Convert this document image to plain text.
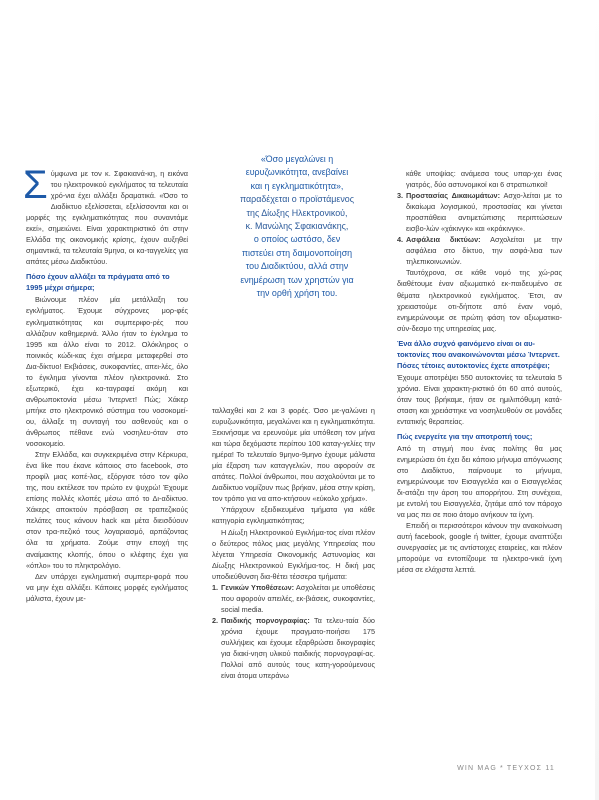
«Όσο μεγαλώνει η
ευρυζωνικότητα, ανεβαίνει
και η εγκληματικότητα»,
παραδέχεται ο προϊστάμενος
της Δίωξης Ηλεκτρονικού,
κ. Μανώλης Σφακιανάκης,
ο οποίος ωστόσο, δεν
πιστεύει στη δαιμονοποίηση
του Διαδικτύου, αλλά στην
ενημέρωση των χρηστών για
την ορθή χρήση του.
Σ ύμφωνα με τον κ. Σφακιανά-κη, η εικόνα του ηλεκτρονικού εγκλήματος τα τελευταία χρό-νια έχει αλλάξει δραματικά. «Όσο το Διαδίκτυο εξελίσσεται, εξελίσσονται και οι μορφές της εγκληματικότητας που συναντάμε εκεί», σημειώνει. Είναι χαρακτηριστικό ότι στην Ελλάδα της οικονομικής κρίσης, έχουν αυξηθεί σημαντικά, τα τελευταία 9μηνα, οι κα-ταγγελίες για απάτες μέσω Διαδικτύου.

Πόσο έχουν αλλάξει τα πράγματα από το 1995 μέχρι σήμερα;

Βιώνουμε πλέον μία μετάλλαξη του εγκλήματος. Έχουμε σύγχρονες μορ-φές εγκληματικότητας και συμπεριφο-ρές που αλλάζουν καθημερινά. Άλλο ήταν το έγκλημα το 1995 και άλλο είναι το 2012. Ολόκληρος ο ποινικός κώδι-κας έχει σήμερα μεταφερθεί στο Δια-δίκτυο! Εκβιάσεις, συκοφαντίες, απει-λές, όλο το έγκλημα γίνονται πλέον ηλεκτρονικά. Στο εξωτερικό, έχει κα-ταγραφεί ακόμη και ανθρωποκτονία μέσω Ίντερνετ! Πώς; Χάκερ μπήκε στο ηλεκτρονικό σύστημα του νοσοκομεί-ου, άλλαξε τη συνταγή του ασθενούς και ο άνθρωπος πέθανε ενώ νοσηλευ-όταν στο νοσοκομείο.

Στην Ελλάδα, και συγκεκριμένα στην Κέρκυρα, ένα like που έκανε κάποιος στο facebook, στο προφίλ μιας κοπέ-λας, εξόργισε τόσο τον φίλο της, που εκτέλεσε τον πρώτο εν ψυχρώ! Έχουμε επίσης πολλές κλοπές μέσω από το Δι-αδίκτυο. Χάκερς αποκτούν πρόσβαση σε τραπεζικούς πελάτες τους κάνουν hack και μέτα διεισδύουν στον τρα-πεζικό τους λογαριασμό, αρπάζοντας όλα τα χρήματα. Ζούμε στην εποχή της αναίμακτης κλοπής, όπου ο κλέφτης έχει για «όπλο» του το πληκτρολόγιο.

Δεν υπάρχει εγκληματική συμπερι-φορά που να μην έχει αλλάξει. Κάποιες μορφές εγκλήματος μάλιστα, έχουν με-

ταλλαχθεί και 2 και 3 φορές. Όσο με-γαλώνει η ευρυζωνικότητα, μεγαλώνει και η εγκληματικότητα. Ξεκινήσαμε να ερευνούμε μία υπόθεση τον μήνα και τώρα δεχόμαστε περίπου 100 καταγ-γελίες την ημέρα! Το τελευταίο 9μηνο-9μηνο έχουμε μάλιστα μία έξαρση των καταγγελιών, που αφορούν σε απάτες. Πολλοί άνθρωποι, που ασχολούνται με το Διαδίκτυο νομίζουν πως βρήκαν, μέσα στην κρίση, τον τρόπο για να απο-κτήσουν «εύκολο χρήμα».

Υπάρχουν εξειδικευμένα τμήματα για κάθε κατηγορία εγκληματικότητας;

Η Δίωξη Ηλεκτρονικού Εγκλήμα-τος είναι πλέον ο δεύτερος πόλος μιας μεγάλης Υπηρεσίας που λέγεται Υπηρεσία Οικονομικής Αστυνομίας και Δίωξης Ηλεκτρονικού Εγκλήμα-τος. Η δική μας υποδιεύθυνση δια-θέτει τέσσερα τμήματα:

1. Γενικών Υποθέσεων: Ασχολείται με υποθέσεις που αφορούν απειλές, εκ-βιάσεις, συκοφαντίες, social media.

2. Παιδικής πορνογραφίας: Τα τελευ-ταία δύο χρόνια έχουμε πραγματο-ποιήσει 175 συλλήψεις και έχουμε εξαρθρώσει δικογραφίες για διακί-νηση υλικού παιδικής πορνογραφί-ας. Πολλοί από αυτούς τους κατη-γορούμενους είναι άτομα υπεράνω

κάθε υποψίας: ανάμεσα τους υπαρ-χει ένας γιατρός, δύο αστυνομικοί και 6 στρατιωτικοί!

3. Προστασίας Δικαιωμάτων: Ασχο-λείται με το δικαίωμα λογισμικού, προστασίας και γίνεται προσπάθεια αντιμετώπισης περιπτώσεων εισβο-λών «χάκινγκ» και «κράκινγκ».

4. Ασφάλεια δικτύων: Ασχολείται με την ασφάλεια στο δίκτυο, την ασφά-λεια των τηλεπικοινωνιών.

Ταυτόχρονα, σε κάθε νομό της χώ-ρας διαθέτουμε έναν αξιωματικό εκ-παιδευμένο σε θέματα ηλεκτρονικού εγκλήματος. Έτσι, αν χρειαστούμε οτι-δήποτε από έναν νομό, ενημερώνουμε σε πρώτη φάση τον αξιωματικο-σύν-δεσμο της υπηρεσίας μας.

Ένα άλλο συχνό φαινόμενο είναι οι αυ-τοκτονίες που ανακοινώνονται μέσω Ίντερνετ. Πόσες τέτοιες αυτοκτονίες έχετε αποτρέψει;

Έχουμε αποτρέψει 550 αυτοκτονίες τα τελευταία 5 χρόνια. Είναι χαρακτη-ριστικό ότι 60 από αυτούς, όταν τους βρήκαμε, ήταν σε ημιλιπόθυμη κατά-σταση και χρειάστηκε να νοσηλευθούν σε μονάδες εντατικής θεραπείας.

Πώς ενεργείτε για την αποτροπή τους;

Από τη στιγμή που ένας πολίτης θα μας ενημερώσει ότι έχει δει κάποιο μήνυμα απόγνωσης στο Διαδίκτυο, παίρνουμε το μήνυμα, ενημερώνουμε τον Εισαγγελέα και ο Εισαγγελέας δι-ατάζει την άρση του απορρήτου. Στη συνέχεια, με εντολή του Εισαγγελέα, ζητάμε από τον πάροχο να μας πει σε ποιο άτομο ανήκουν τα ίχνη.

Επειδή οι περισσότεροι κάνουν την ανακοίνωση αυτή facebook, google ή twitter, έχουμε αναπτύξει συνεργασίες με τις αντίστοιχες εταιρείες, και πλέον μπορούμε να εντοπίζουμε τα ηλεκτρο-νικά ίχνη μέσα σε ελάχιστα λεπτά.

WIN MAG * ΤΕΥΧΟΣ 11
